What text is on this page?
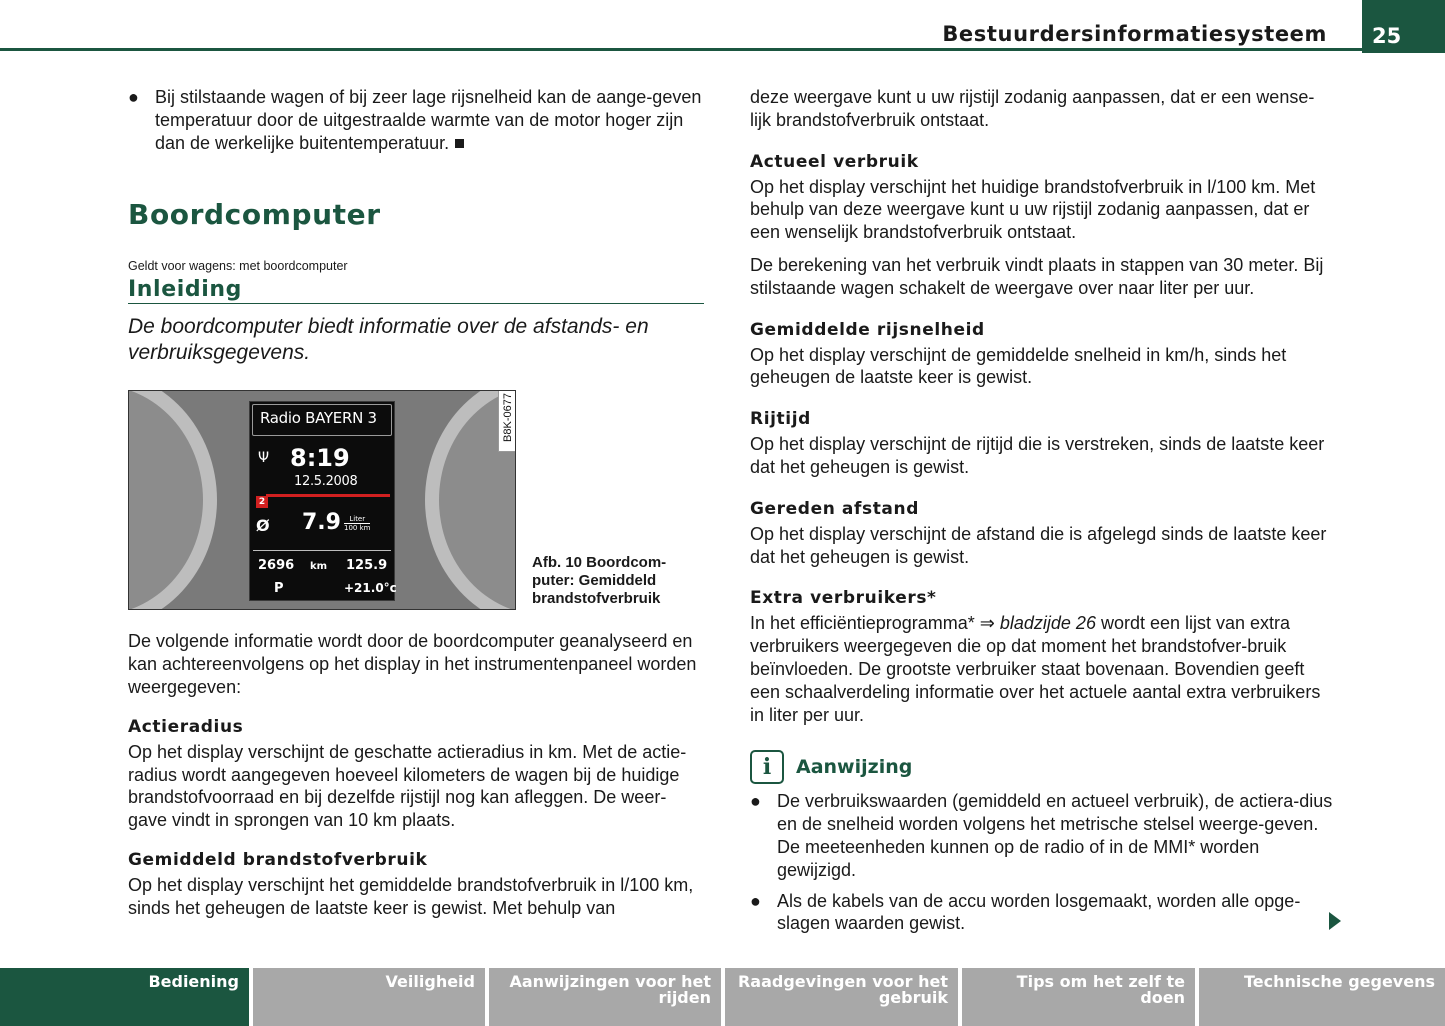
Bestuurdersinformatiesysteem	25
● Bij stilstaande wagen of bij zeer lage rijsnelheid kan de aange-geven temperatuur door de uitgestraalde warmte van de motor hoger zijn dan de werkelijke buitentemperatuur.

Boordcomputer
Geldt voor wagens: met boordcomputer
Inleiding
De boordcomputer biedt informatie over de afstands- en verbruiksgegevens.
Radio BAYERN 3
Ψ 8:19
12.5.2008
2
Ø 7.9	Liter
100 km
2696 km 125.9
P	+21.0°c
B8K-0677
Afb. 10 Boordcom-puter: Gemiddeld brandstofverbruik

De volgende informatie wordt door de boordcomputer geanalyseerd en kan achtereenvolgens op het display in het instrumentenpaneel worden weergegeven:

Actieradius

Op het display verschijnt de geschatte actieradius in km. Met de actie-radius wordt aangegeven hoeveel kilometers de wagen bij de huidige brandstofvoorraad en bij dezelfde rijstijl nog kan afleggen. De weer-gave vindt in sprongen van 10 km plaats.

Gemiddeld brandstofverbruik

Op het display verschijnt het gemiddelde brandstofverbruik in l/100 km, sinds het geheugen de laatste keer is gewist. Met behulp van

deze weergave kunt u uw rijstijl zodanig aanpassen, dat er een wense-lijk brandstofverbruik ontstaat.

Actueel verbruik

Op het display verschijnt het huidige brandstofverbruik in l/100 km. Met behulp van deze weergave kunt u uw rijstijl zodanig aanpassen, dat er een wenselijk brandstofverbruik ontstaat.

De berekening van het verbruik vindt plaats in stappen van 30 meter. Bij stilstaande wagen schakelt de weergave over naar liter per uur.

Gemiddelde rijsnelheid

Op het display verschijnt de gemiddelde snelheid in km/h, sinds het geheugen de laatste keer is gewist.

Rijtijd

Op het display verschijnt de rijtijd die is verstreken, sinds de laatste keer dat het geheugen is gewist.

Gereden afstand

Op het display verschijnt de afstand die is afgelegd sinds de laatste keer dat het geheugen is gewist.

Extra verbruikers*

In het efficiëntieprogramma* ⇒ bladzijde 26 wordt een lijst van extra verbruikers weergegeven die op dat moment het brandstofver-bruik beïnvloeden. De grootste verbruiker staat bovenaan. Bovendien geeft een schaalverdeling informatie over het actuele aantal extra verbruikers in liter per uur.

i	Aanwijzing
● De verbruikswaarden (gemiddeld en actueel verbruik), de actiera-dius en de snelheid worden volgens het metrische stelsel weerge-geven. De meeteenheden kunnen op de radio of in de MMI* worden gewijzigd.

● Als de kabels van de accu worden losgemaakt, worden alle opge-slagen waarden gewist.

Bediening	Veiligheid	Aanwijzingen voor het rijden
Raadgevingen voor het gebruik
Tips om het zelf te doen
Technische gegevens
